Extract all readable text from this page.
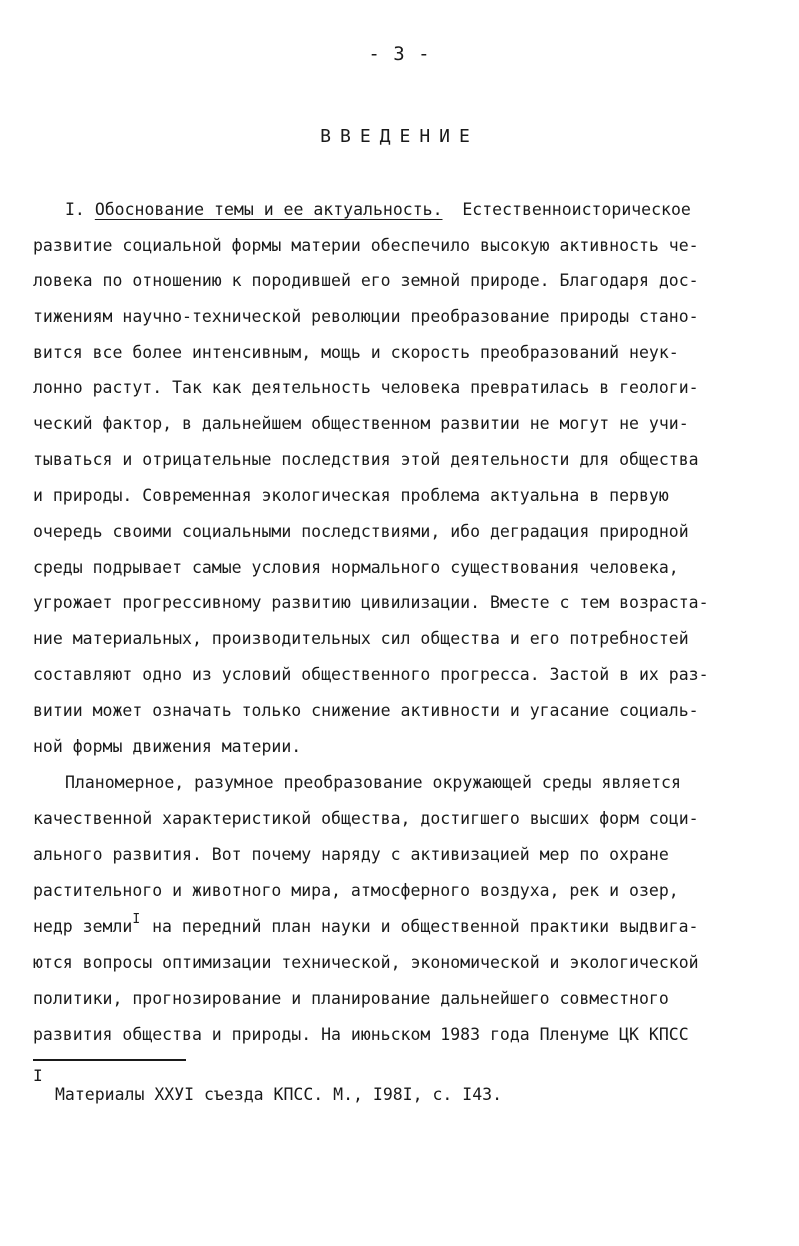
- 3 -
ВВЕДЕНИЕ
I. Обоснование темы и ее актуальность. Естественноисторическое
развитие социальной формы материи обеспечило высокую активность че-
ловека по отношению к породившей его земной природе. Благодаря дос-
тижениям научно-технической революции преобразование природы стано-
вится все более интенсивным, мощь и скорость преобразований неук-
лонно растут. Так как деятельность человека превратилась в геологи-
ческий фактор, в дальнейшем общественном развитии не могут не учи-
тываться и отрицательные последствия этой деятельности для общества
и природы. Современная экологическая проблема актуальна в первую
очередь своими социальными последствиями, ибо деградация природной
среды подрывает самые условия нормального существования человека,
угрожает прогрессивному развитию цивилизации. Вместе с тем возраста-
ние материальных, производительных сил общества и его потребностей
составляют одно из условий общественного прогресса. Застой в их раз-
витии может означать только снижение активности и угасание социаль-
ной формы движения материи.
Планомерное, разумное преобразование окружающей среды является
качественной характеристикой общества, достигшего высших форм соци-
ального развития. Вот почему наряду с активизацией мер по охране
растительного и животного мира, атмосферного воздуха, рек и озер,
недр земли$^I$ на передний план науки и общественной практики выдвига-
ются вопросы оптимизации технической, экономической и экологической
политики, прогнозирование и планирование дальнейшего совместного
развития общества и природы. На июньском 1983 года Пленуме ЦК КПСС
I
Материалы XXУI съезда КПСС. М., I98I, с. I43.
